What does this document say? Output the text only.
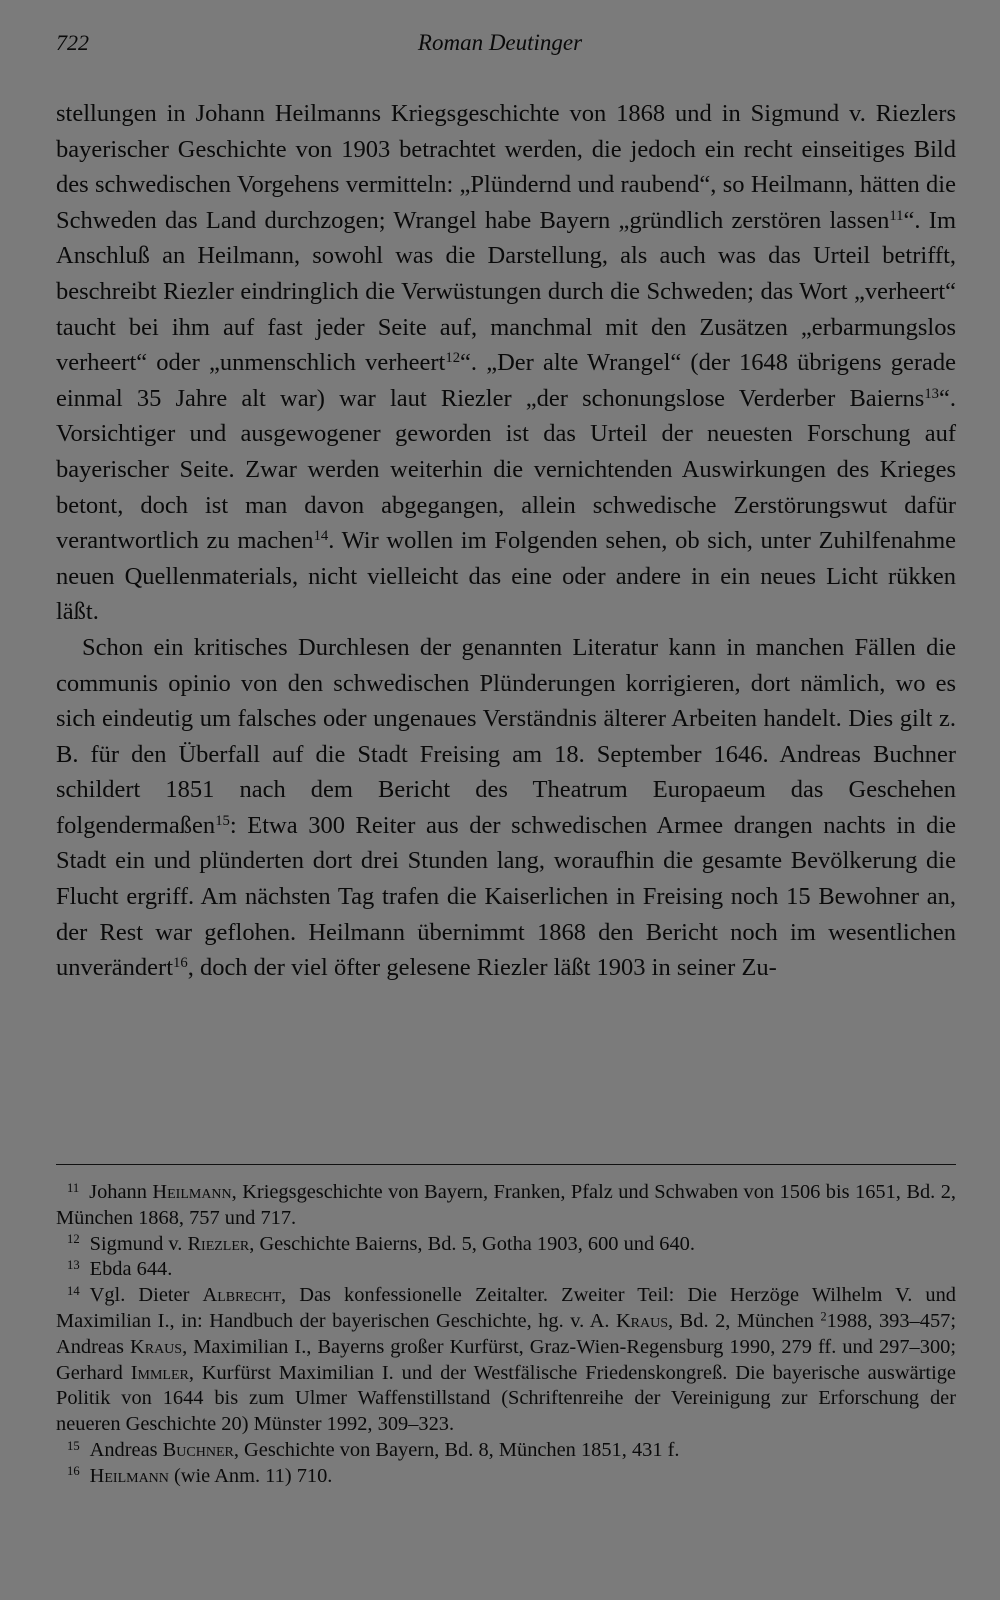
722	Roman Deutinger

stellungen in Johann Heilmanns Kriegsgeschichte von 1868 und in Sigmund v. Riezlers bayerischer Geschichte von 1903 betrachtet werden, die jedoch ein recht einseitiges Bild des schwedischen Vorgehens vermitteln: „Plündernd und raubend“, so Heilmann, hätten die Schweden das Land durchzogen; Wrangel habe Bayern „gründlich zerstören lassen$^{11}$“. Im Anschluß an Heilmann, sowohl was die Darstellung, als auch was das Urteil betrifft, beschreibt Riezler eindringlich die Verwüstungen durch die Schweden; das Wort „verheert“ taucht bei ihm auf fast jeder Seite auf, manchmal mit den Zusätzen „erbarmungslos verheert“ oder „unmenschlich verheert$^{12}$“. „Der alte Wrangel“ (der 1648 übrigens gerade einmal 35 Jahre alt war) war laut Riezler „der schonungslose Verderber Baierns$^{13}$“. Vorsichtiger und ausgewogener geworden ist das Urteil der neuesten Forschung auf bayerischer Seite. Zwar werden weiterhin die vernichtenden Auswirkungen des Krieges betont, doch ist man davon abgegangen, allein schwedische Zerstörungswut dafür verantwortlich zu machen$^{14}$. Wir wollen im Folgenden sehen, ob sich, unter Zuhilfenahme neuen Quellenmaterials, nicht vielleicht das eine oder andere in ein neues Licht rükken läßt.

Schon ein kritisches Durchlesen der genannten Literatur kann in manchen Fällen die communis opinio von den schwedischen Plünderungen korrigieren, dort nämlich, wo es sich eindeutig um falsches oder ungenaues Verständnis älterer Arbeiten handelt. Dies gilt z. B. für den Überfall auf die Stadt Freising am 18. September 1646. Andreas Buchner schildert 1851 nach dem Bericht des Theatrum Europaeum das Geschehen folgendermaßen$^{15}$: Etwa 300 Reiter aus der schwedischen Armee drangen nachts in die Stadt ein und plünderten dort drei Stunden lang, woraufhin die gesamte Bevölkerung die Flucht ergriff. Am nächsten Tag trafen die Kaiserlichen in Freising noch 15 Bewohner an, der Rest war geflohen. Heilmann übernimmt 1868 den Bericht noch im wesentlichen unverändert$^{16}$, doch der viel öfter gelesene Riezler läßt 1903 in seiner Zu-

$^{11}$ Johann Heilmann, Kriegsgeschichte von Bayern, Franken, Pfalz und Schwaben von 1506 bis 1651, Bd. 2, München 1868, 757 und 717.

$^{12}$ Sigmund v. Riezler, Geschichte Baierns, Bd. 5, Gotha 1903, 600 und 640.

$^{13}$ Ebda 644.

$^{14}$ Vgl. Dieter Albrecht, Das konfessionelle Zeitalter. Zweiter Teil: Die Herzöge Wilhelm V. und Maximilian I., in: Handbuch der bayerischen Geschichte, hg. v. A. Kraus, Bd. 2, München $^2$1988, 393–457; Andreas Kraus, Maximilian I., Bayerns großer Kurfürst, Graz-Wien-Regensburg 1990, 279 ff. und 297–300; Gerhard Immler, Kurfürst Maximilian I. und der Westfälische Friedenskongreß. Die bayerische auswärtige Politik von 1644 bis zum Ulmer Waffenstillstand (Schriftenreihe der Vereinigung zur Erforschung der neueren Geschichte 20) Münster 1992, 309–323.

$^{15}$ Andreas Buchner, Geschichte von Bayern, Bd. 8, München 1851, 431 f.

$^{16}$ Heilmann (wie Anm. 11) 710.
